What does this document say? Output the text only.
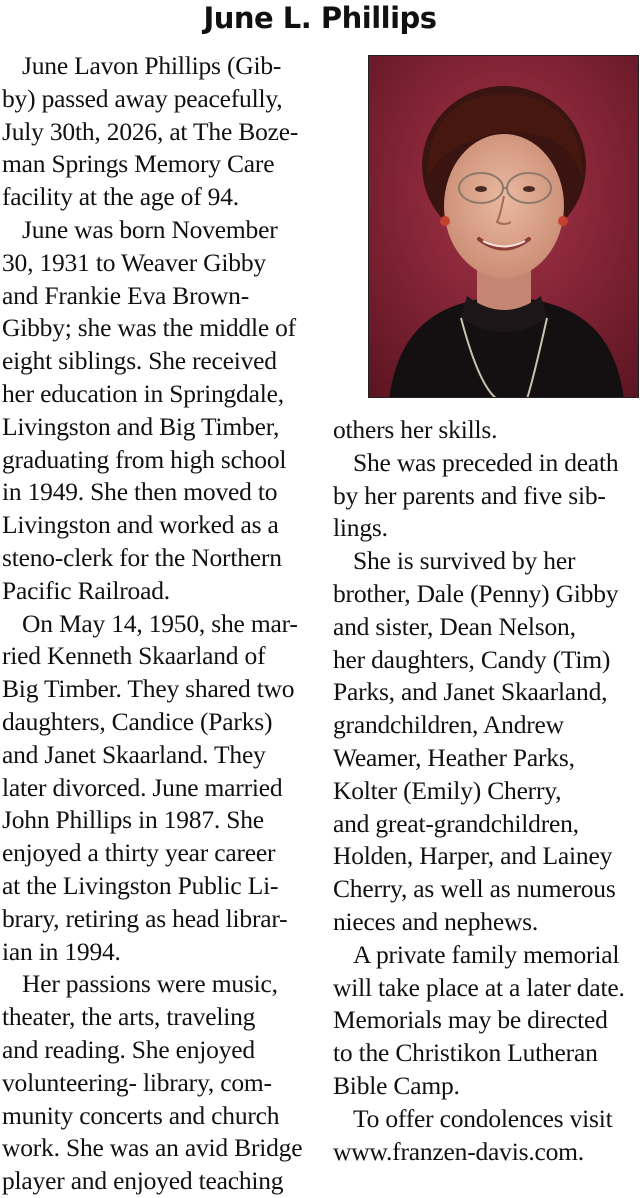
June L. Phillips
June Lavon Phillips (Gib-
by) passed away peacefully,
July 30th, 2026, at The Boze-
man Springs Memory Care
facility at the age of 94.
June was born November
30, 1931 to Weaver Gibby
and Frankie Eva Brown-
Gibby; she was the middle of
eight siblings. She received
her education in Springdale,
Livingston and Big Timber,
graduating from high school
in 1949. She then moved to
Livingston and worked as a
steno-clerk for the Northern
Pacific Railroad.
On May 14, 1950, she mar-
ried Kenneth Skaarland of
Big Timber. They shared two
daughters, Candice (Parks)
and Janet Skaarland. They
later divorced. June married
John Phillips in 1987. She
enjoyed a thirty year career
at the Livingston Public Li-
brary, retiring as head librar-
ian in 1994.
Her passions were music,
theater, the arts, traveling
and reading. She enjoyed
volunteering- library, com-
munity concerts and church
work. She was an avid Bridge
player and enjoyed teaching
others her skills.
She was preceded in death
by her parents and five sib-
lings.
She is survived by her
brother, Dale (Penny) Gibby
and sister, Dean Nelson,
her daughters, Candy (Tim)
Parks, and Janet Skaarland,
grandchildren, Andrew
Weamer, Heather Parks,
Kolter (Emily) Cherry,
and great-grandchildren,
Holden, Harper, and Lainey
Cherry, as well as numerous
nieces and nephews.
A private family memorial
will take place at a later date.
Memorials may be directed
to the Christikon Lutheran
Bible Camp.
To offer condolences visit
www.franzen-davis.com.
